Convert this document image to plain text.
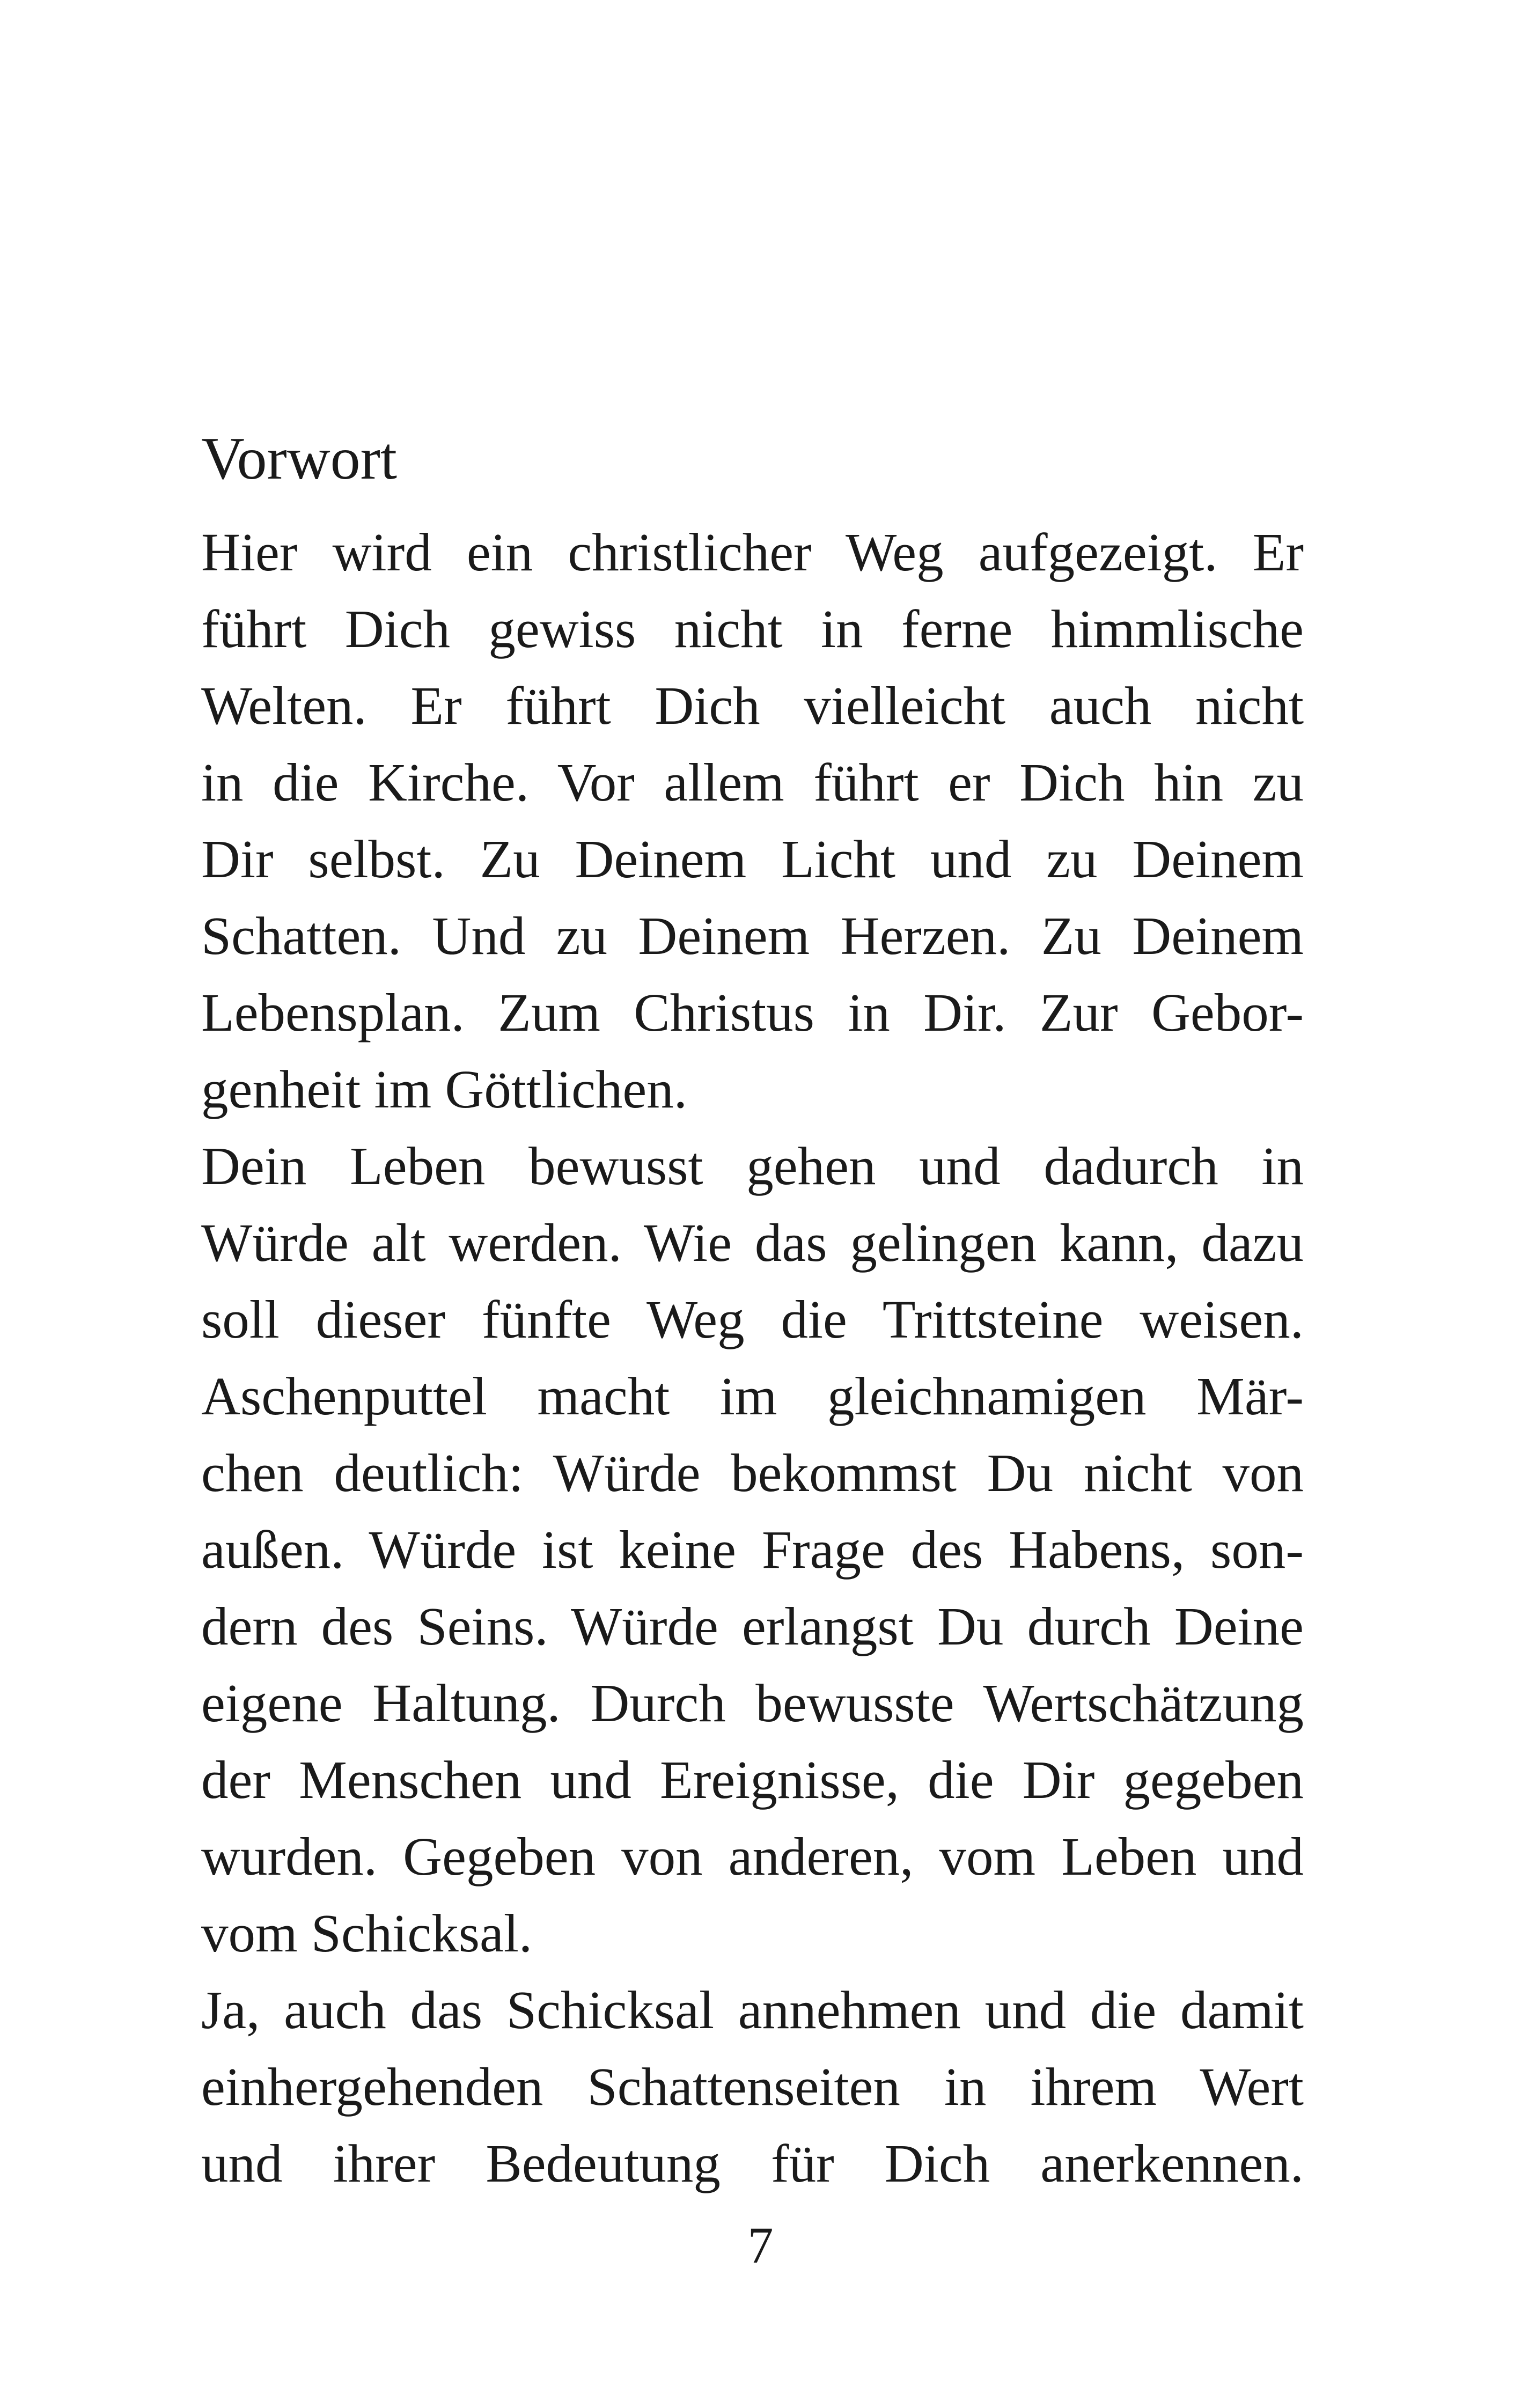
Vorwort
Hier wird ein christlicher Weg aufgezeigt. Er
führt Dich gewiss nicht in ferne himmlische
Welten. Er führt Dich vielleicht auch nicht
in die Kirche. Vor allem führt er Dich hin zu
Dir selbst. Zu Deinem Licht und zu Deinem
Schatten. Und zu Deinem Herzen. Zu Deinem
Lebensplan. Zum Christus in Dir. Zur Gebor-
genheit im Göttlichen.
Dein Leben bewusst gehen und dadurch in
Würde alt werden. Wie das gelingen kann, dazu
soll dieser fünfte Weg die Trittsteine weisen.
Aschenputtel macht im gleichnamigen Mär-
chen deutlich: Würde bekommst Du nicht von
außen. Würde ist keine Frage des Habens, son-
dern des Seins. Würde erlangst Du durch Deine
eigene Haltung. Durch bewusste Wertschätzung
der Menschen und Ereignisse, die Dir gegeben
wurden. Gegeben von anderen, vom Leben und
vom Schicksal.
Ja, auch das Schicksal annehmen und die damit
einhergehenden Schattenseiten in ihrem Wert
und ihrer Bedeutung für Dich anerkennen.
7
